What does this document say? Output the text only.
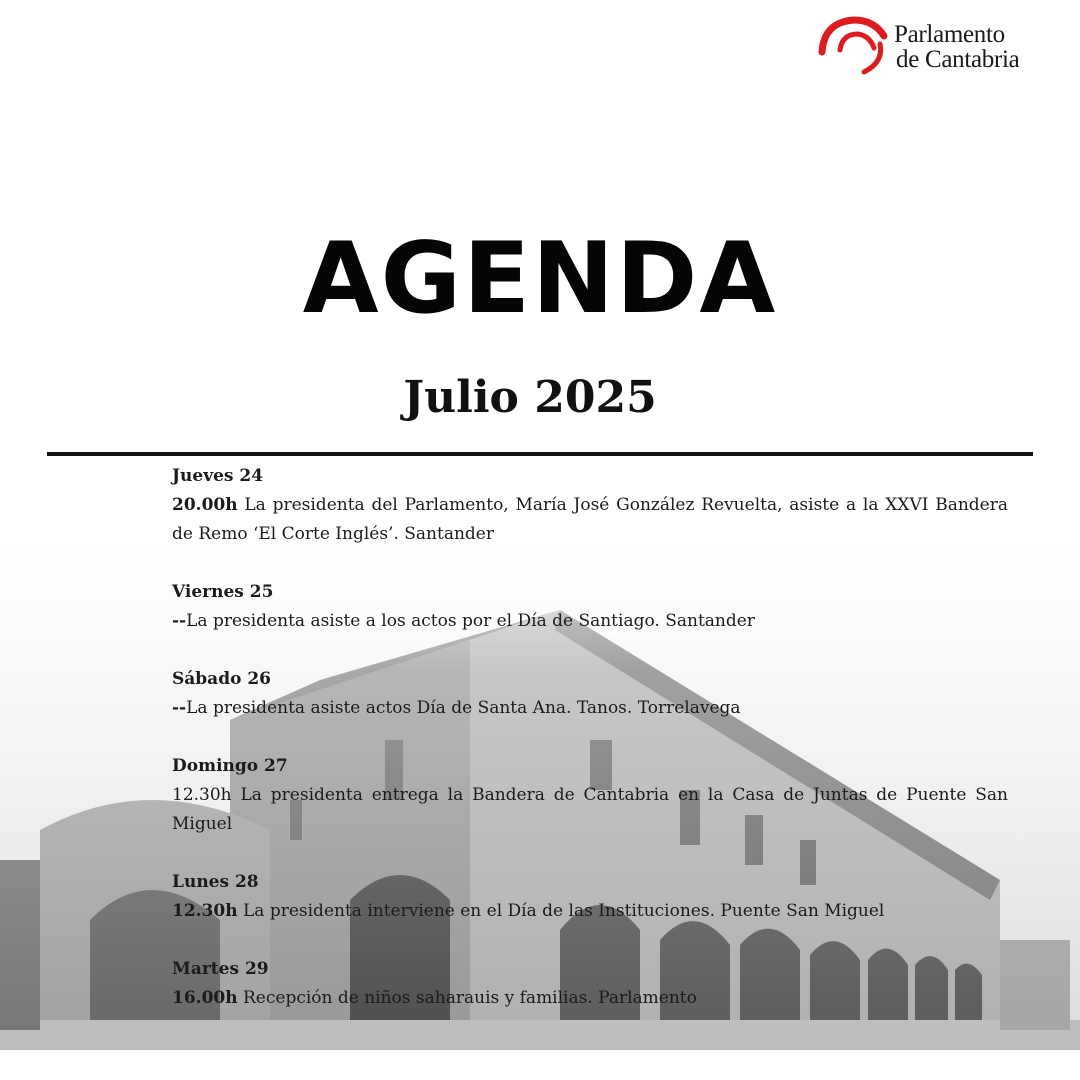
Parlamento
de Cantabria
AGENDA
Julio 2025
Jueves 24
20.00h La presidenta del Parlamento, María José González Revuelta, asiste a la XXVI Bandera de Remo ‘El Corte Inglés’. Santander
Viernes 25
--La presidenta asiste a los actos por el Día de Santiago. Santander
Sábado 26
--La presidenta asiste actos Día de Santa Ana. Tanos. Torrelavega
Domingo 27
12.30h La presidenta entrega la Bandera de Cantabria en la Casa de Juntas de Puente San Miguel
Lunes 28
12.30h La presidenta interviene en el Día de las Instituciones. Puente San Miguel
Martes 29
16.00h Recepción de niños saharauis y familias. Parlamento
